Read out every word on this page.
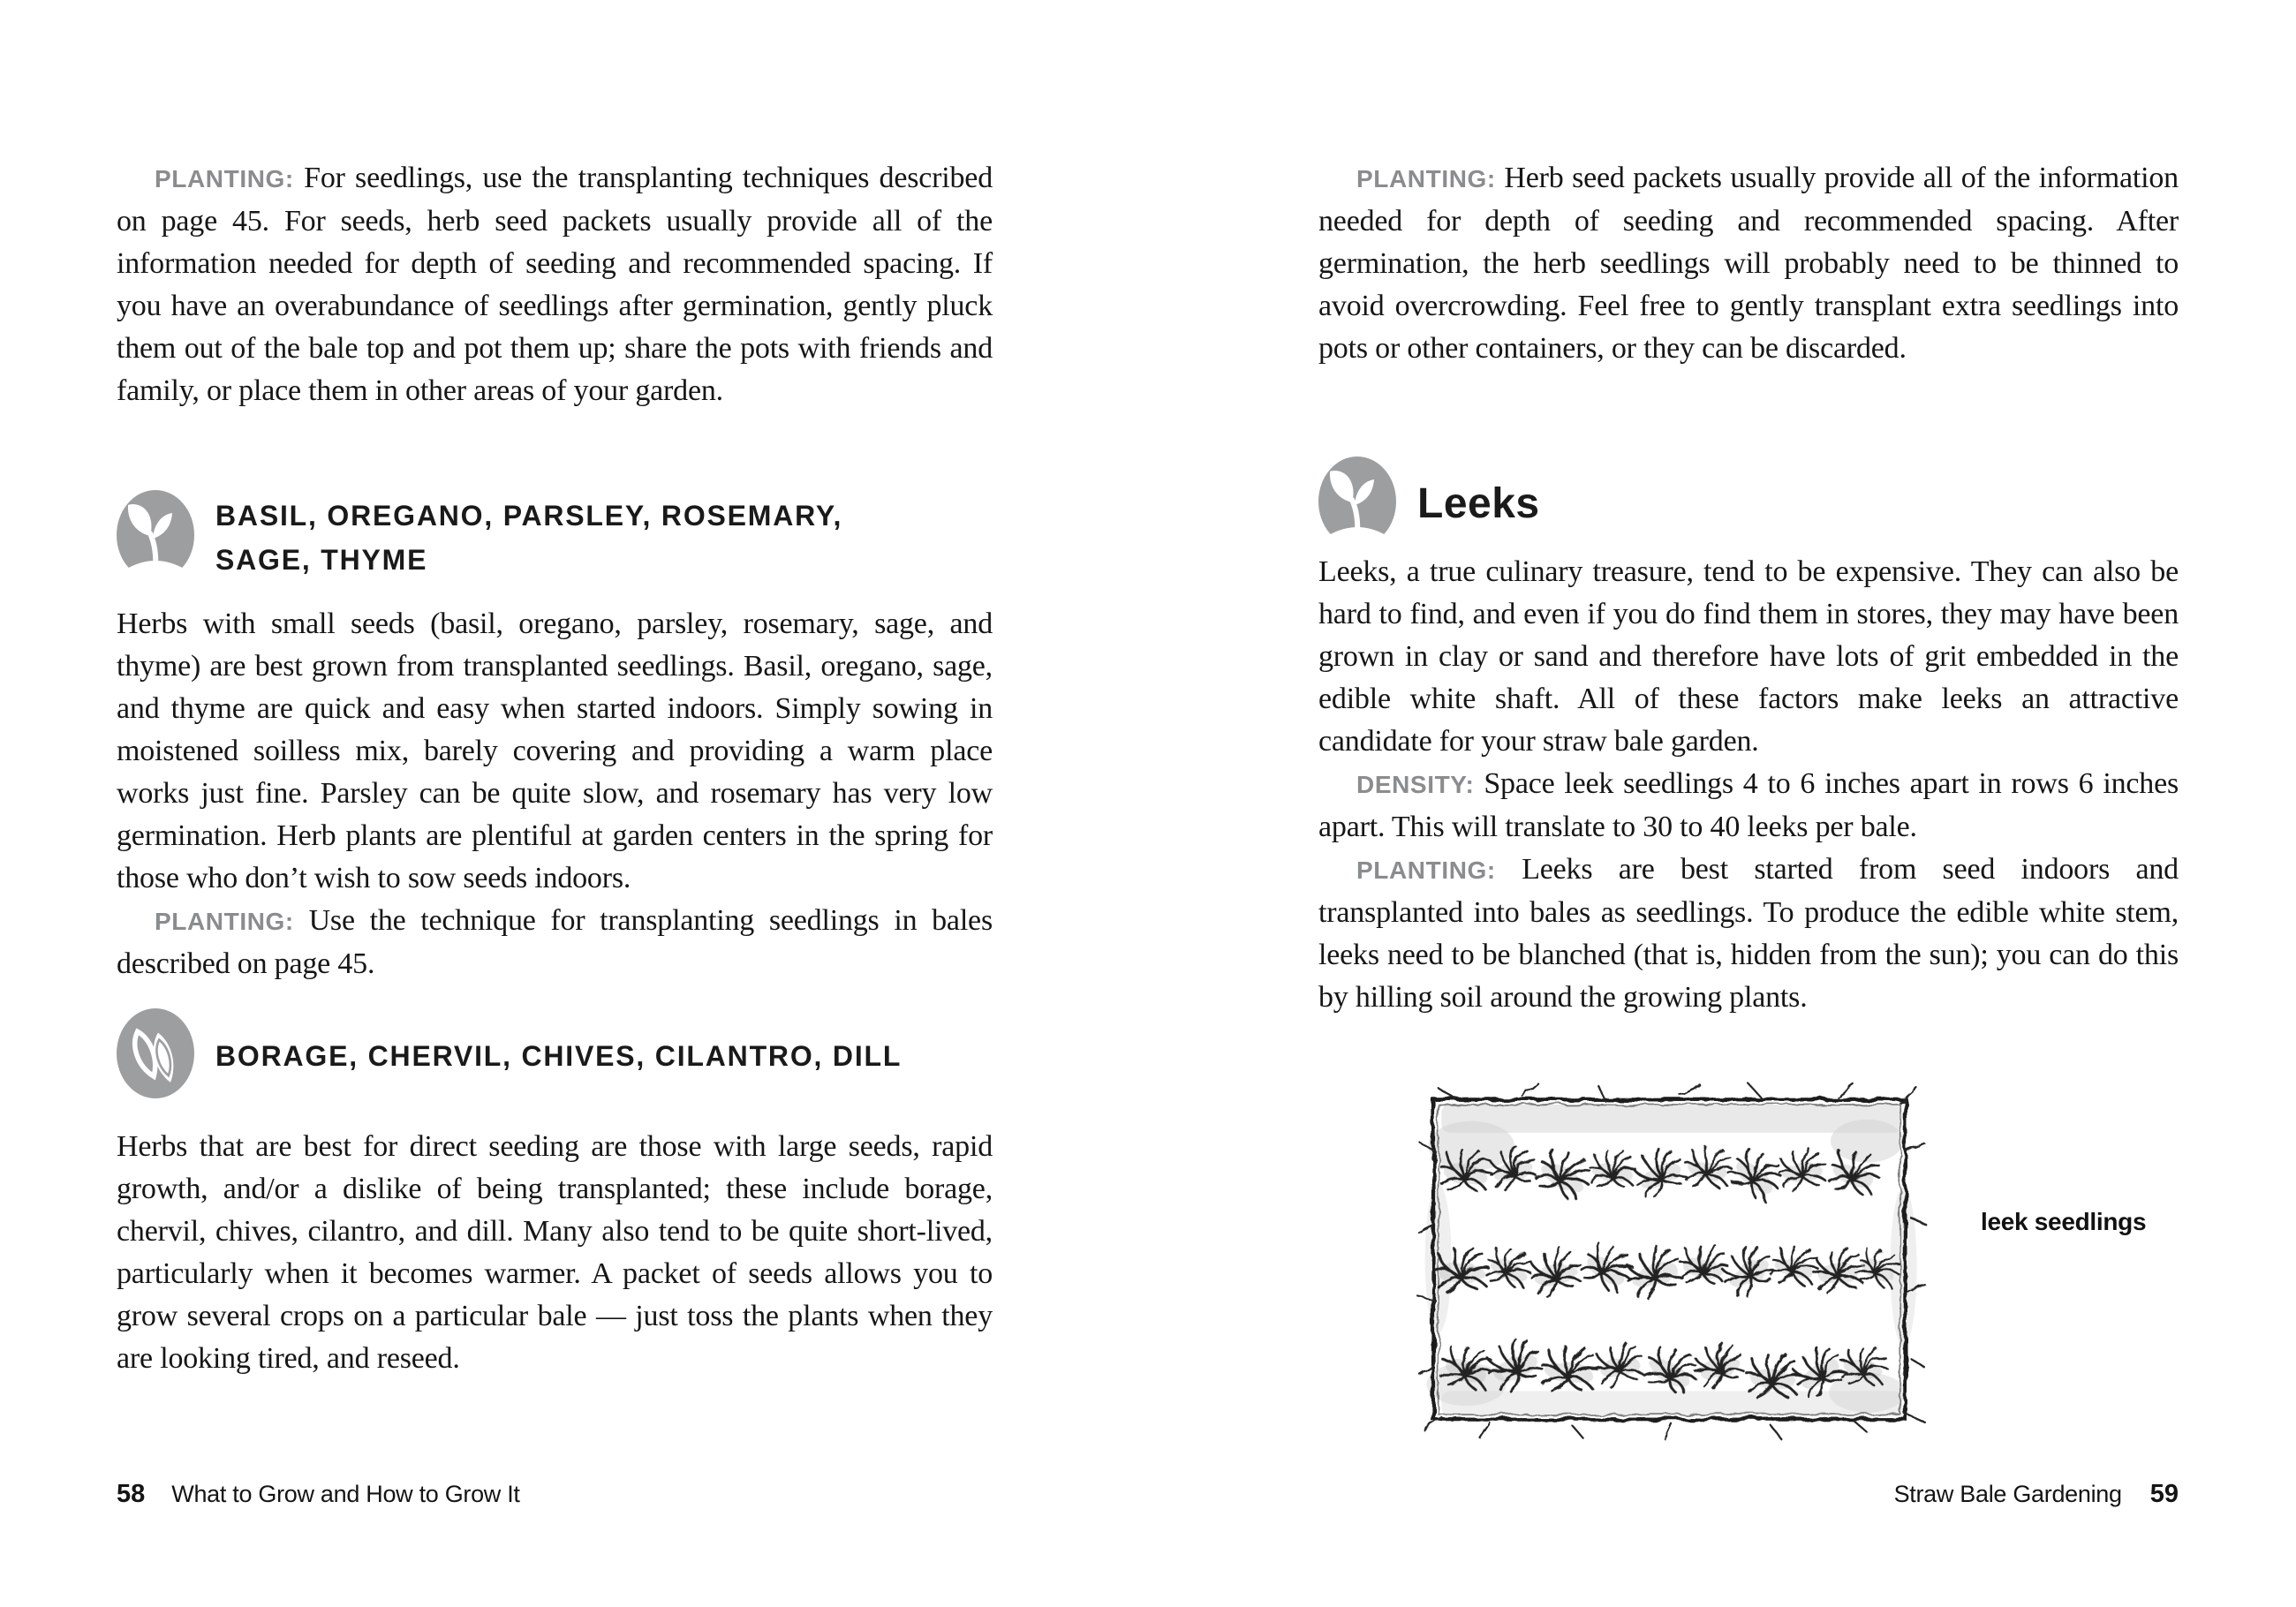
PLANTING: For seedlings, use the transplanting techniques described on page 45. For seeds, herb seed packets usually provide all of the information needed for depth of seeding and recommended spacing. If you have an overabundance of seedlings after germination, gently pluck them out of the bale top and pot them up; share the pots with friends and family, or place them in other areas of your garden.

BASIL, OREGANO, PARSLEY, ROSEMARY,
SAGE, THYME

Herbs with small seeds (basil, oregano, parsley, rosemary, sage, and thyme) are best grown from transplanted seedlings. Basil, oregano, sage, and thyme are quick and easy when started indoors. Simply sowing in moistened soilless mix, barely covering and providing a warm place works just fine. Parsley can be quite slow, and rosemary has very low germination. Herb plants are plentiful at garden centers in the spring for those who don’t wish to sow seeds indoors.

PLANTING: Use the technique for transplanting seedlings in bales described on page 45.

BORAGE, CHERVIL, CHIVES, CILANTRO, DILL

Herbs that are best for direct seeding are those with large seeds, rapid growth, and/or a dislike of being transplanted; these include borage, chervil, chives, cilantro, and dill. Many also tend to be quite short-lived, particularly when it becomes warmer. A packet of seeds allows you to grow several crops on a particular bale — just toss the plants when they are looking tired, and reseed.

58 What to Grow and How to Grow It

PLANTING: Herb seed packets usually provide all of the information needed for depth of seeding and recommended spacing. After germination, the herb seedlings will probably need to be thinned to avoid overcrowding. Feel free to gently transplant extra seedlings into pots or other containers, or they can be discarded.

Leeks

Leeks, a true culinary treasure, tend to be expensive. They can also be hard to find, and even if you do find them in stores, they may have been grown in clay or sand and therefore have lots of grit embedded in the edible white shaft. All of these factors make leeks an attractive candidate for your straw bale garden.

DENSITY: Space leek seedlings 4 to 6 inches apart in rows 6 inches apart. This will translate to 30 to 40 leeks per bale.

PLANTING: Leeks are best started from seed indoors and transplanted into bales as seedlings. To produce the edible white stem, leeks need to be blanched (that is, hidden from the sun); you can do this by hilling soil around the growing plants.

leek seedlings
Straw Bale Gardening 59
